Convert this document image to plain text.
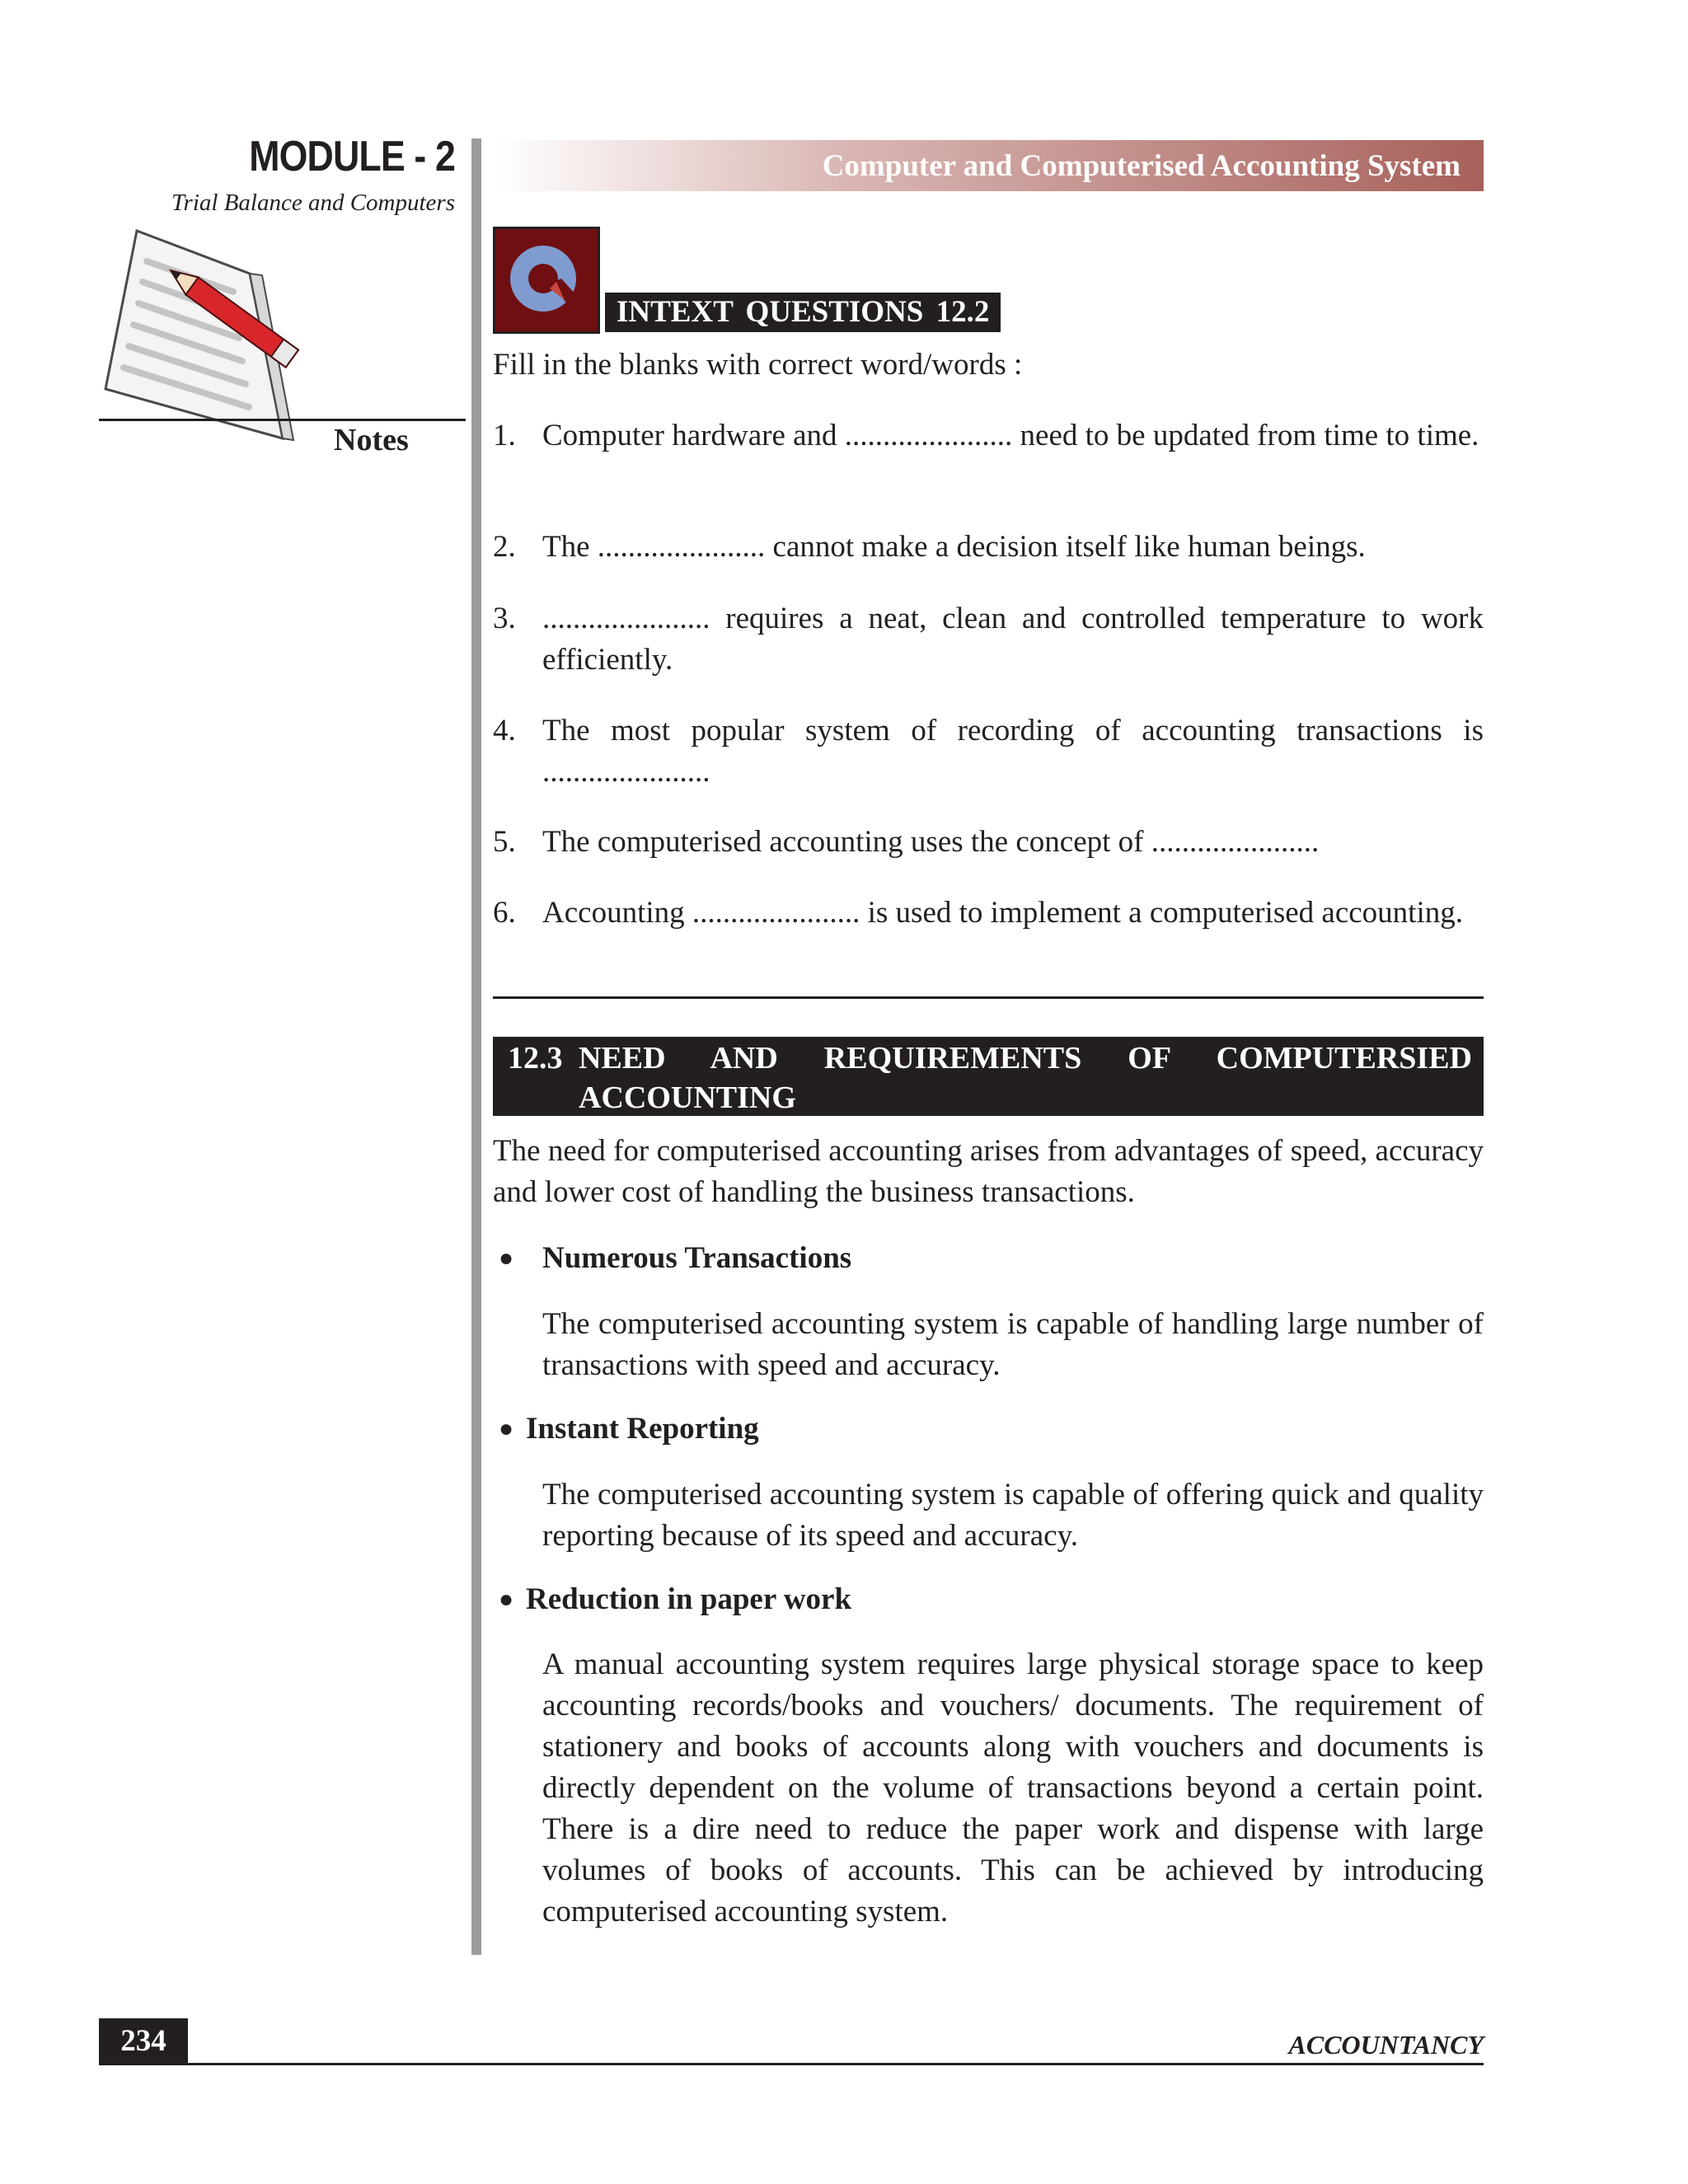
MODULE - 2
Trial Balance and Computers
Notes
Computer and Computerised Accounting System
INTEXT QUESTIONS 12.2
Fill in the blanks with correct word/words :
1. Computer hardware and ...................... need to be updated from time to time.
2. The ...................... cannot make a decision itself like human beings.
3. ...................... requires a neat, clean and controlled temperature to work efficiently.
4. The most popular system of recording of accounting transactions is ......................
5. The computerised accounting uses the concept of ......................
6. Accounting ...................... is used to implement a computerised accounting.
12.3 NEED AND REQUIREMENTS OF COMPUTERSIED ACCOUNTING
The need for computerised accounting arises from advantages of speed, accuracy and lower cost of handling the business transactions.
● Numerous Transactions
The computerised accounting system is capable of handling large number of transactions with speed and accuracy.
● Instant Reporting
The computerised accounting system is capable of offering quick and quality reporting because of its speed and accuracy.
● Reduction in paper work
A manual accounting system requires large physical storage space to keep accounting records/books and vouchers/ documents. The requirement of stationery and books of accounts along with vouchers and documents is directly dependent on the volume of transactions beyond a certain point. There is a dire need to reduce the paper work and dispense with large volumes of books of accounts. This can be achieved by introducing computerised accounting system.
234	ACCOUNTANCY
